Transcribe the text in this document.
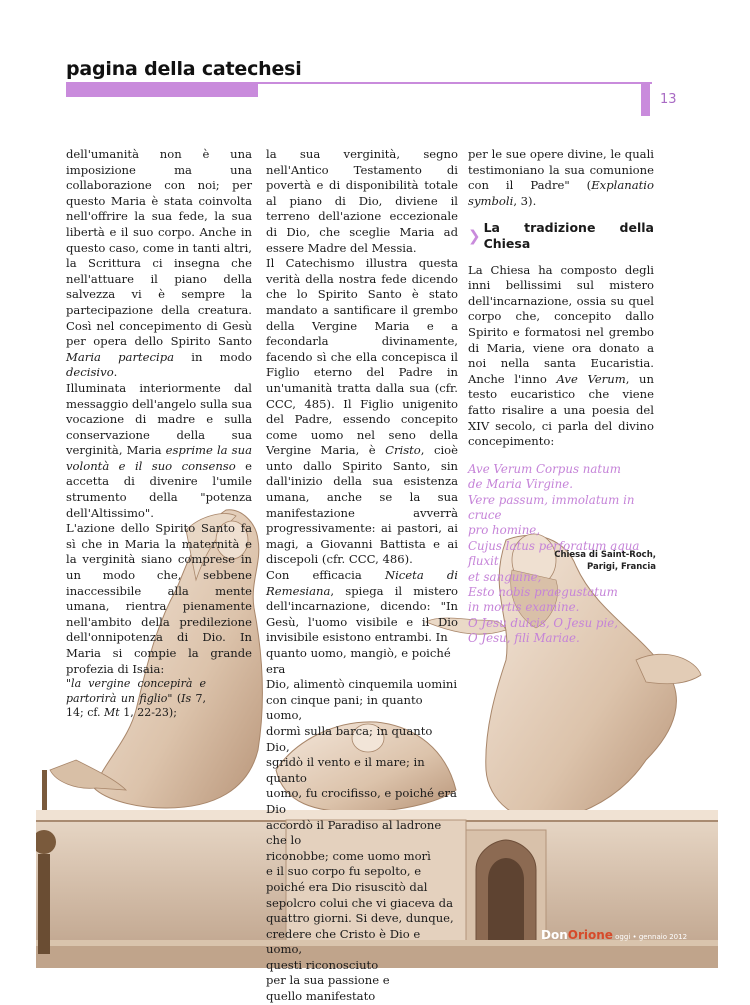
pagina della catechesi
13

dell'umanità non è una imposizione ma una collaborazione con noi; per questo Maria è stata coinvolta nell'offrire la sua fede, la sua libertà e il suo corpo. Anche in questo caso, come in tanti altri, la Scrittura ci insegna che nell'attuare il piano della salvezza vi è sempre la partecipazione della creatura. Così nel concepimento di Gesù per opera dello Spirito Santo Maria partecipa in modo decisivo.

Illuminata interiormente dal messaggio dell'angelo sulla sua vocazione di madre e sulla conservazione della sua verginità, Maria esprime la sua volontà e il suo consenso e accetta di divenire l'umile strumento della "potenza dell'Altissimo".

L'azione dello Spirito Santo fa sì che in Maria la maternità e la verginità siano comprese in un modo che, sebbene inaccessibile alla mente umana, rientra pienamente nell'ambito della predilezione dell'onnipotenza di Dio. In Maria si compie la grande profezia di Isaia:

"la vergine concepirà e partorirà un figlio" (Is 7, 14; cf. Mt 1, 22-23);

la sua verginità, segno nell'Antico Testamento di povertà e di disponibilità totale al piano di Dio, diviene il terreno dell'azione eccezionale di Dio, che sceglie Maria ad essere Madre del Messia.

Il Catechismo illustra questa verità della nostra fede dicendo che lo Spirito Santo è stato mandato a santificare il grembo della Vergine Maria e a fecondarla divinamente, facendo sì che ella concepisca il Figlio eterno del Padre in un'umanità tratta dalla sua (cfr. CCC, 485). Il Figlio unigenito del Padre, essendo concepito come uomo nel seno della Vergine Maria, è Cristo, cioè unto dallo Spirito Santo, sin dall'inizio della sua esistenza umana, anche se la sua manifestazione avverrà progressivamente: ai pastori, ai magi, a Giovanni Battista e ai discepoli (cfr. CCC, 486).

Con efficacia Niceta di Remesiana, spiega il mistero dell'incarnazione, dicendo: "In Gesù, l'uomo visibile e il Dio invisibile esistono entrambi. In

quanto uomo, mangiò, e poiché era
Dio, alimentò cinquemila uomini
con cinque pani; in quanto uomo,
dormì sulla barca; in quanto Dio,
sgridò il vento e il mare; in quanto
uomo, fu crocifisso, e poiché era Dio
accordò il Paradiso al ladrone che lo
riconobbe; come uomo morì
e il suo corpo fu sepolto, e
poiché era Dio risuscitò dal
sepolcro colui che vi giaceva da
quattro giorni. Si deve, dunque,
credere che Cristo è Dio e uomo,
questi riconosciuto
per la sua passione e
quello manifestato

per le sue opere divine, le quali testimoniano la sua comunione con il Padre" (Explanatio symboli, 3).

❯ La tradizione della Chiesa

La Chiesa ha composto degli inni bellissimi sul mistero dell'incarnazione, ossia su quel corpo che, concepito dallo Spirito e formatosi nel grembo di Maria, viene ora donato a noi nella santa Eucaristia. Anche l'inno Ave Verum, un testo eucaristico che viene fatto risalire a una poesia del XIV secolo, ci parla del divino concepimento:

Ave Verum Corpus natum
de Maria Virgine.
Vere passum, immolatum in cruce
pro homine,
Cujus latus perforatum aqua fluxit
et sanguine,
Esto nobis praegustatum
in mortis examine.
O Jesu dulcis, O Jesu pie,
O Jesu, fili Mariae.
Chiesa di Saint-Roch,
Parigi, Francia
DonOrione oggi • gennaio 2012
